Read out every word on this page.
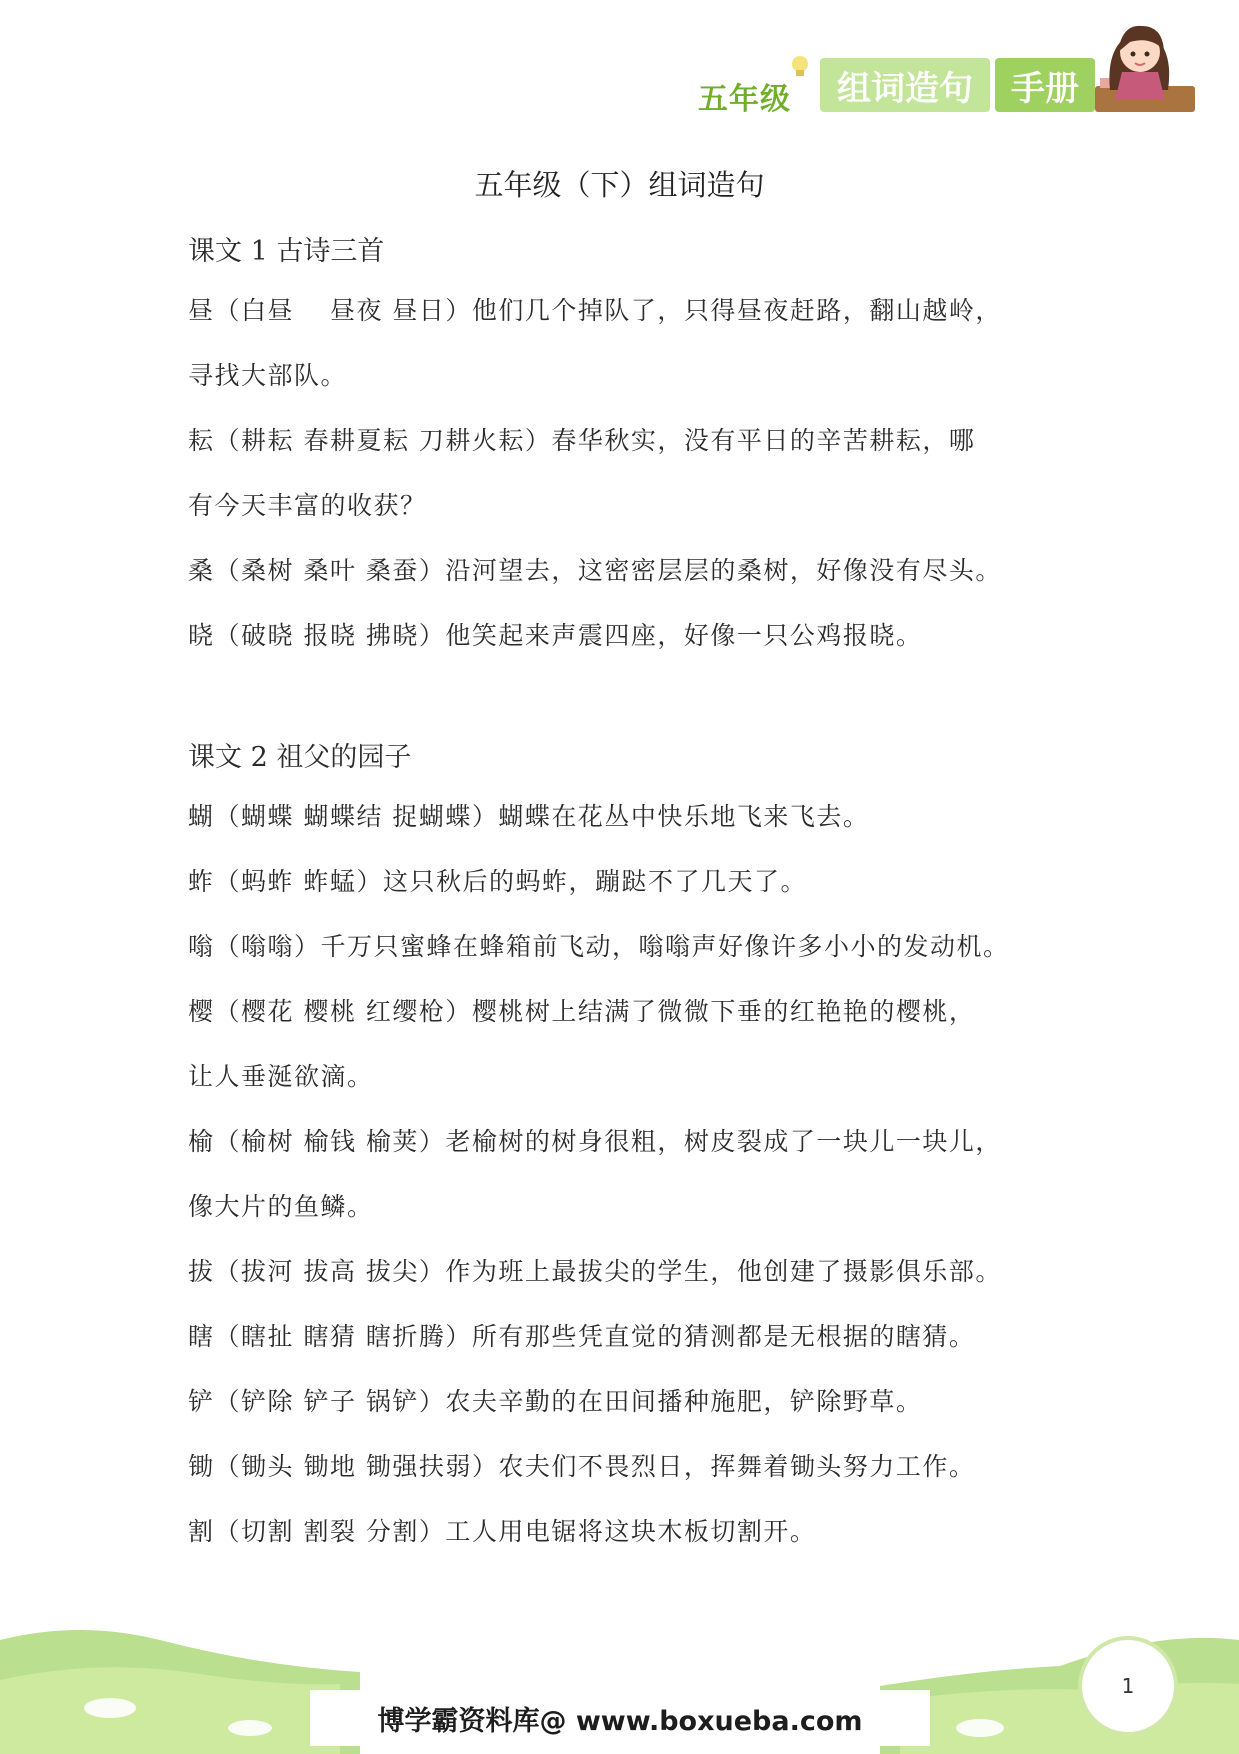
五年级	组词造句	手册
五年级（下）组词造句

课文 1 古诗三首

昼（白昼　 昼夜 昼日）他们几个掉队了，只得昼夜赶路，翻山越岭，

寻找大部队。

耘（耕耘 春耕夏耘 刀耕火耘）春华秋实，没有平日的辛苦耕耘，哪

有今天丰富的收获？

桑（桑树 桑叶 桑蚕）沿河望去，这密密层层的桑树，好像没有尽头。

晓（破晓 报晓 拂晓）他笑起来声震四座，好像一只公鸡报晓。

课文 2 祖父的园子

蝴（蝴蝶 蝴蝶结 捉蝴蝶）蝴蝶在花丛中快乐地飞来飞去。

蚱（蚂蚱 蚱蜢）这只秋后的蚂蚱，蹦跶不了几天了。

嗡（嗡嗡）千万只蜜蜂在蜂箱前飞动，嗡嗡声好像许多小小的发动机。

樱（樱花 樱桃 红缨枪）樱桃树上结满了微微下垂的红艳艳的樱桃，

让人垂涎欲滴。

榆（榆树 榆钱 榆荚）老榆树的树身很粗，树皮裂成了一块儿一块儿，

像大片的鱼鳞。

拔（拔河 拔高 拔尖）作为班上最拔尖的学生，他创建了摄影俱乐部。

瞎（瞎扯 瞎猜 瞎折腾）所有那些凭直觉的猜测都是无根据的瞎猜。

铲（铲除 铲子 锅铲）农夫辛勤的在田间播种施肥，铲除野草。

锄（锄头 锄地 锄强扶弱）农夫们不畏烈日，挥舞着锄头努力工作。

割（切割 割裂 分割）工人用电锯将这块木板切割开。

1
博学霸资料库@ www.boxueba.com
